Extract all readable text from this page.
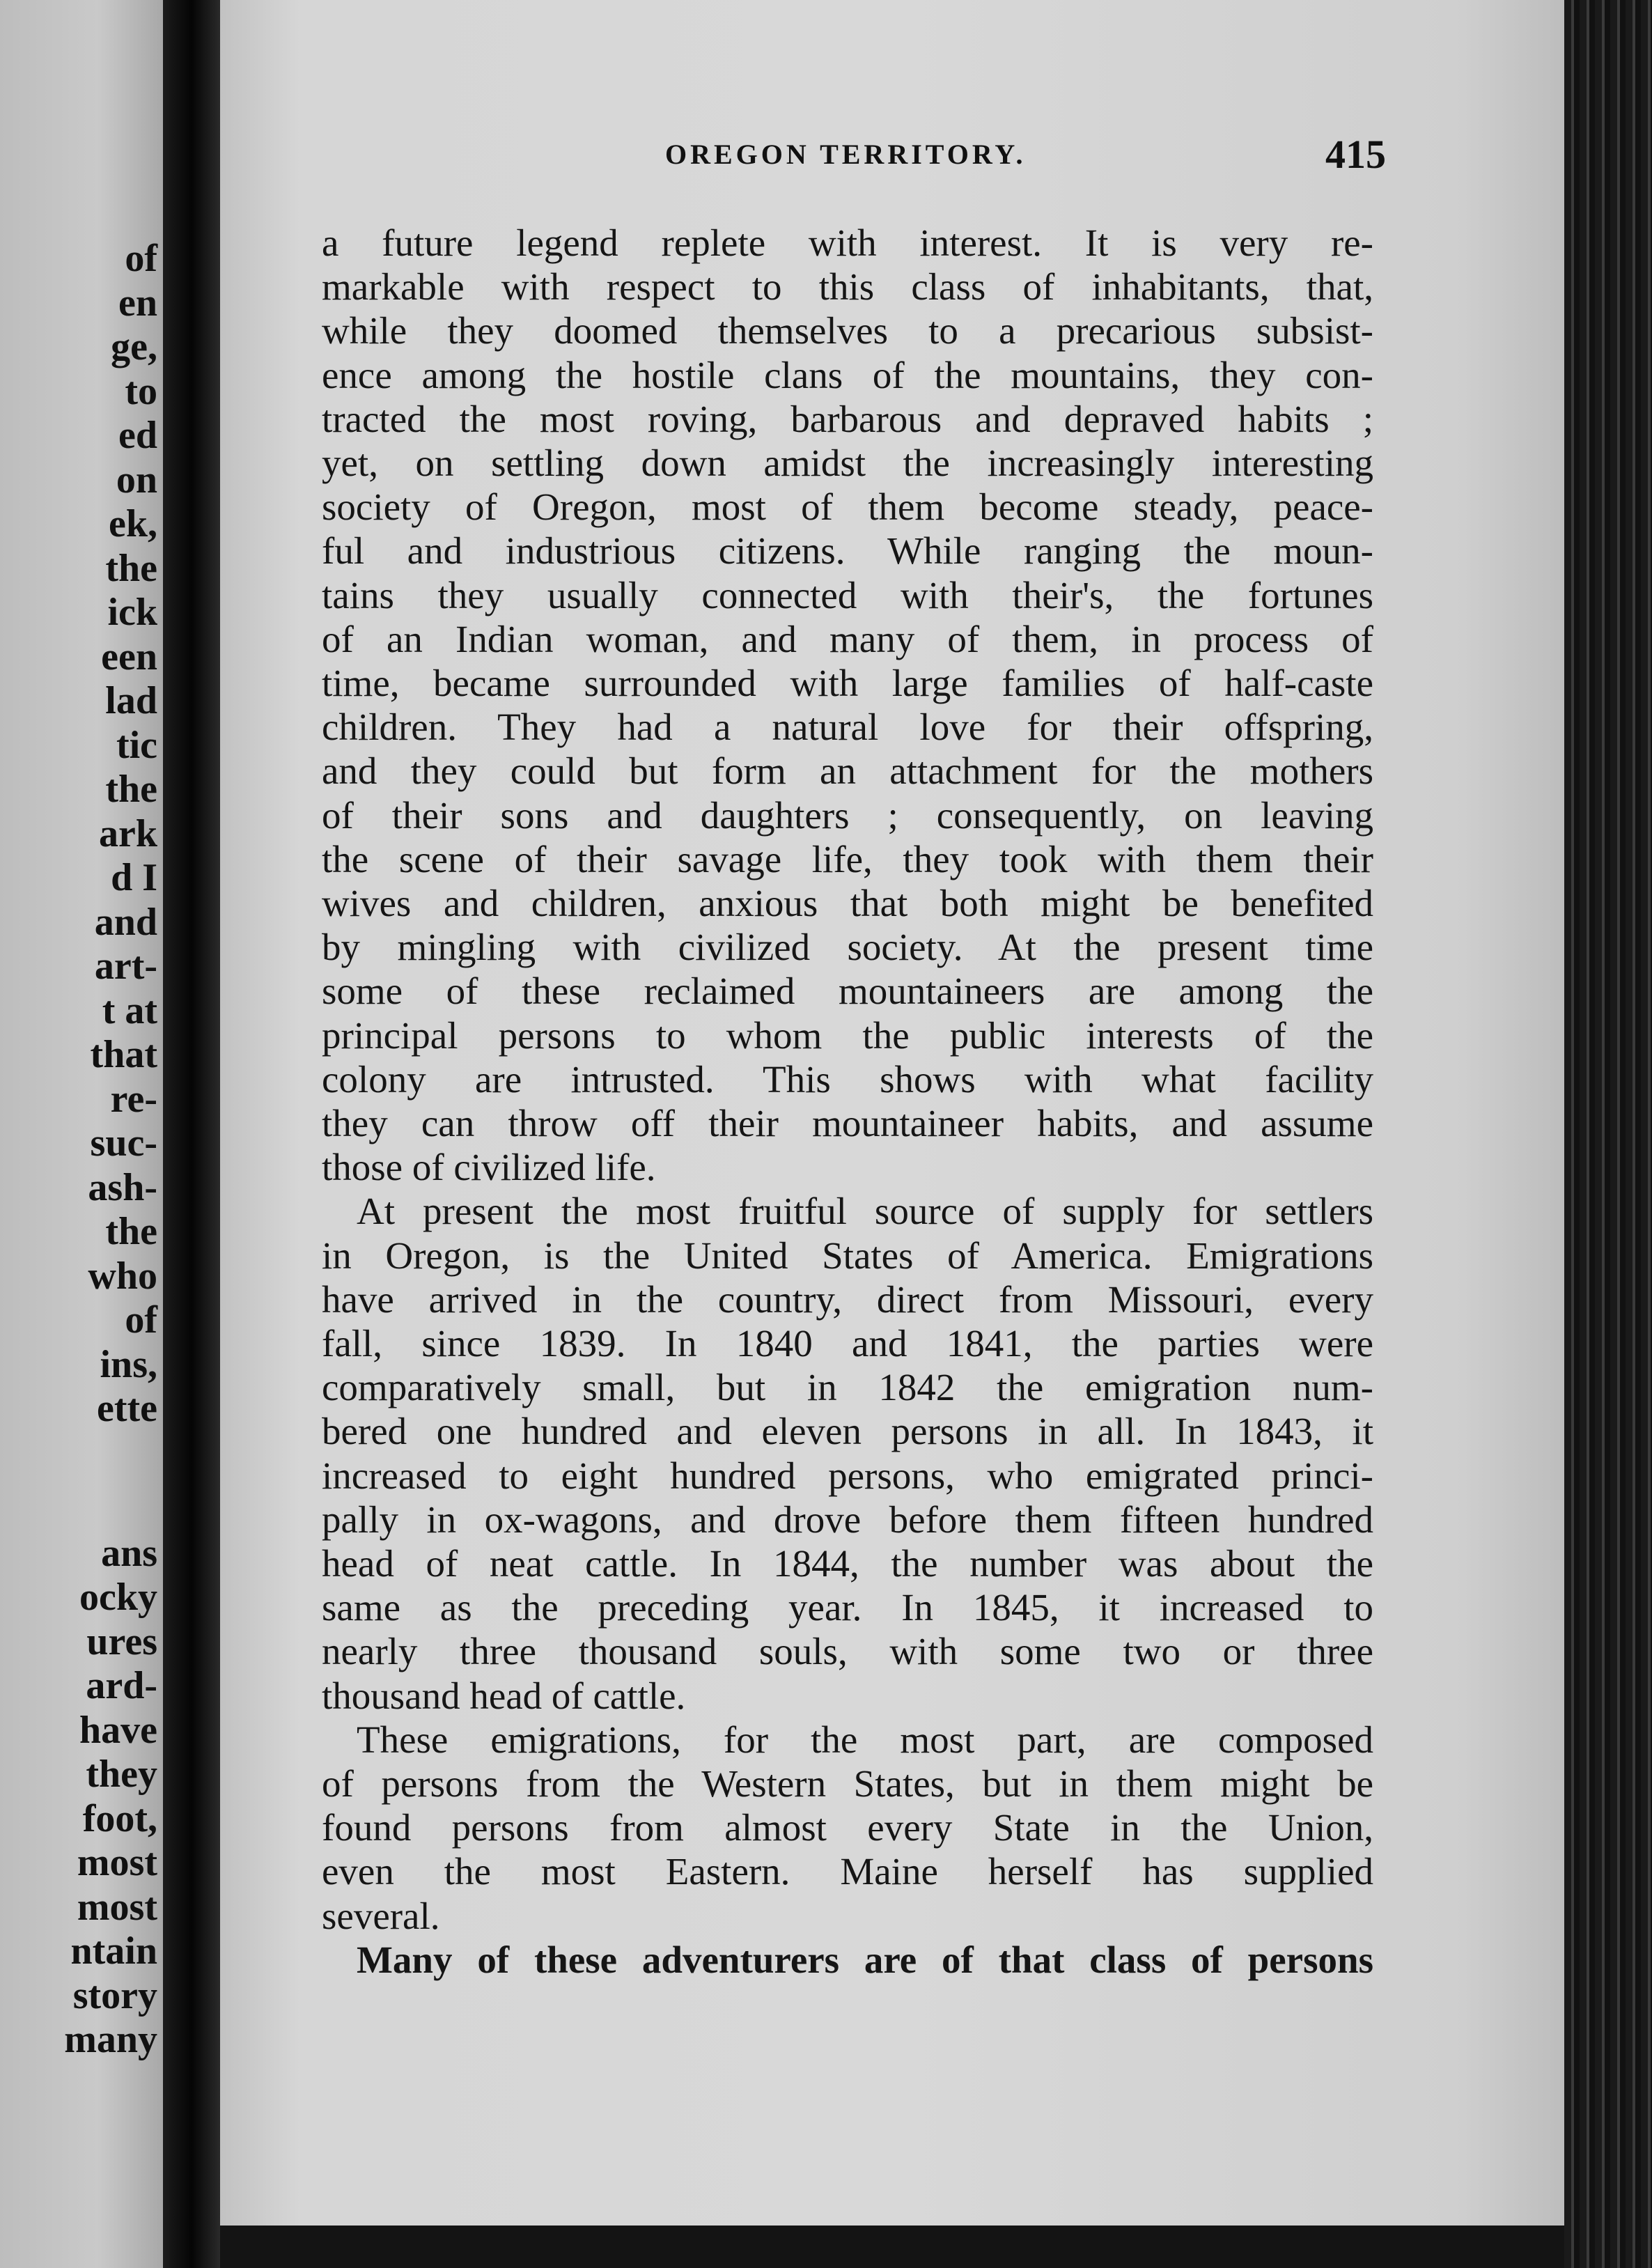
of
en
ge,
to
ed
on
ek,
the
ick
een
lad
tic
the
ark
d I
and
art-
t at
that
re-
suc-
ash-
the
who
of
ins,
ette
ans
ocky
ures
ard-
have
they
foot,
most
most
ntain
story
many
OREGON TERRITORY.	415
a future legend replete with interest. It is very re-
markable with respect to this class of inhabitants, that,
while they doomed themselves to a precarious subsist-
ence among the hostile clans of the mountains, they con-
tracted the most roving, barbarous and depraved habits ;
yet, on settling down amidst the increasingly interesting
society of Oregon, most of them become steady, peace-
ful and industrious citizens. While ranging the moun-
tains they usually connected with their's, the fortunes
of an Indian woman, and many of them, in process of
time, became surrounded with large families of half-caste
children. They had a natural love for their offspring,
and they could but form an attachment for the mothers
of their sons and daughters ; consequently, on leaving
the scene of their savage life, they took with them their
wives and children, anxious that both might be benefited
by mingling with civilized society. At the present time
some of these reclaimed mountaineers are among the
principal persons to whom the public interests of the
colony are intrusted. This shows with what facility
they can throw off their mountaineer habits, and assume
those of civilized life.
At present the most fruitful source of supply for settlers
in Oregon, is the United States of America. Emigrations
have arrived in the country, direct from Missouri, every
fall, since 1839. In 1840 and 1841, the parties were
comparatively small, but in 1842 the emigration num-
bered one hundred and eleven persons in all. In 1843, it
increased to eight hundred persons, who emigrated princi-
pally in ox-wagons, and drove before them fifteen hundred
head of neat cattle. In 1844, the number was about the
same as the preceding year. In 1845, it increased to
nearly three thousand souls, with some two or three
thousand head of cattle.
These emigrations, for the most part, are composed
of persons from the Western States, but in them might be
found persons from almost every State in the Union,
even the most Eastern. Maine herself has supplied
several.
Many of these adventurers are of that class of persons
